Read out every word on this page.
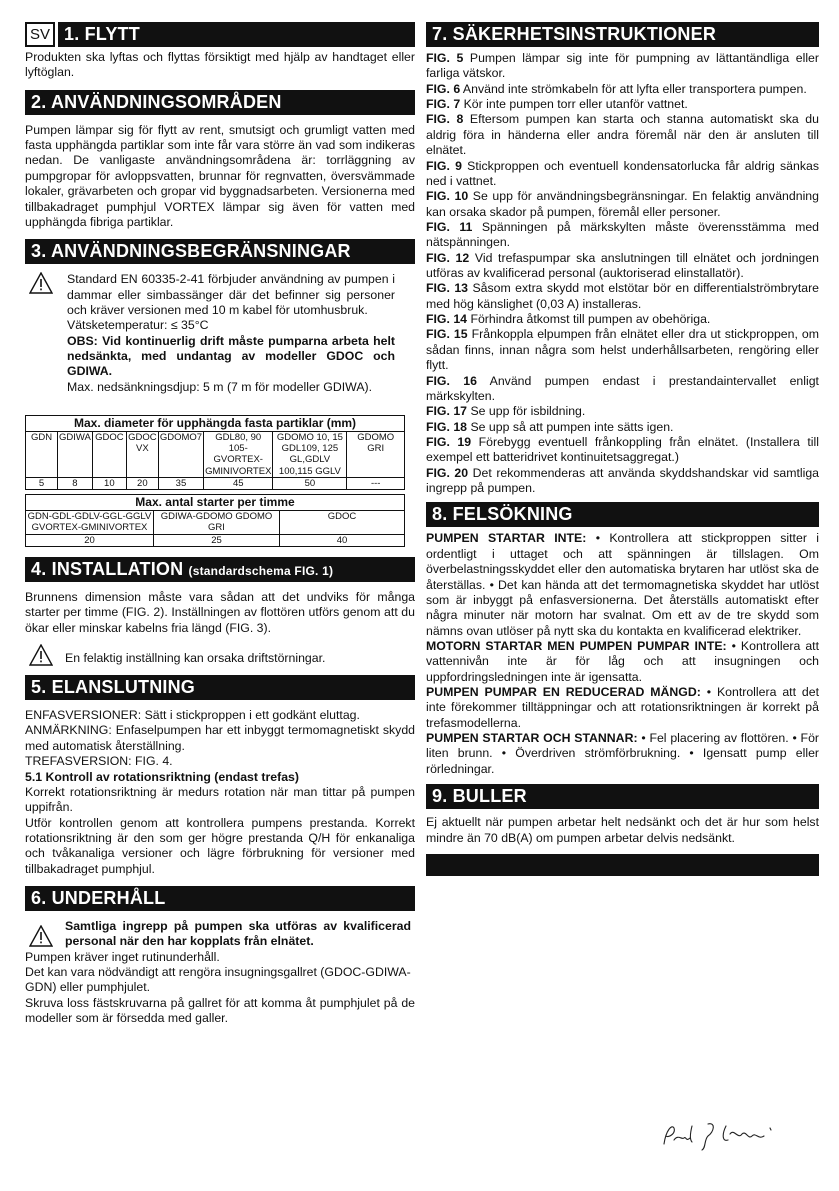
SV 1. FLYTT

Produkten ska lyftas och flyttas försiktigt med hjälp av handtaget eller lyftöglan.

2. ANVÄNDNINGSOMRÅDEN

Pumpen lämpar sig för flytt av rent, smutsigt och grumligt vatten med fasta upphängda partiklar som inte får vara större än vad som indikeras nedan. De vanligaste användningsområdena är: torrläggning av pumpgropar för avloppsvatten, brunnar för regnvatten, översvämmade lokaler, grävarbeten och gropar vid byggnadsarbeten. Versionerna med tillbakadraget pumphjul VORTEX lämpar sig även för vatten med upphängda fibriga partiklar.

3. ANVÄNDNINGSBEGRÄNSNINGAR

Standard EN 60335-2-41 förbjuder användning av pumpen i dammar eller simbassänger där det befinner sig personer och kräver versionen med 10 m kabel för utomhusbruk.

Vätsketemperatur: ≤ 35°C

OBS: Vid kontinuerlig drift måste pumparna arbeta helt nedsänkta, med undantag av modeller GDOC och GDIWA.

Max. nedsänkningsdjup: 5 m (7 m för modeller GDIWA).

Max. diameter för upphängda fasta partiklar (mm)							
GDN	GDIWA	GDOC	GDOC VX	GDOMO7	GDL80, 90 105- GVORTEX- GMINIVORTEX	GDOMO 10, 15 GDL109, 125 GL,GDLV 100,115 GGLV	GDOMO GRI
5	8	10	20	35	45	50	---
Max. antal starter per timme		
GDN-GDL-GDLV-GGL-GGLV GVORTEX-GMINIVORTEX	GDIWA-GDOMO GDOMO GRI	GDOC
20	25	40
4. INSTALLATION (standardschema FIG. 1)

Brunnens dimension måste vara sådan att det undviks för många starter per timme (FIG. 2). Inställningen av flottören utförs genom att du ökar eller minskar kabelns fria längd (FIG. 3).

En felaktig inställning kan orsaka driftstörningar.

5. ELANSLUTNING

ENFASVERSIONER: Sätt i stickproppen i ett godkänt eluttag.

ANMÄRKNING: Enfaselpumpen har ett inbyggt termomagnetiskt skydd med automatisk återställning.

TREFASVERSION: FIG. 4.

5.1 Kontroll av rotationsriktning (endast trefas)

Korrekt rotationsriktning är medurs rotation när man tittar på pumpen uppifrån.

Utför kontrollen genom att kontrollera pumpens prestanda. Korrekt rotationsriktning är den som ger högre prestanda Q/H för enkanaliga och tvåkanaliga versioner och lägre förbrukning för versioner med tillbakadraget pumphjul.

6. UNDERHÅLL

Samtliga ingrepp på pumpen ska utföras av kvalificerad personal när den har kopplats från elnätet.

Pumpen kräver inget rutinunderhåll.

Det kan vara nödvändigt att rengöra insugningsgallret (GDOC-GDIWA-GDN) eller pumphjulet.

Skruva loss fästskruvarna på gallret för att komma åt pumphjulet på de modeller som är försedda med galler.

7. SÄKERHETSINSTRUKTIONER

FIG. 5 Pumpen lämpar sig inte för pumpning av lättantändliga eller farliga vätskor.

FIG. 6 Använd inte strömkabeln för att lyfta eller transportera pumpen.

FIG. 7 Kör inte pumpen torr eller utanför vattnet.

FIG. 8 Eftersom pumpen kan starta och stanna automatiskt ska du aldrig föra in händerna eller andra föremål när den är ansluten till elnätet.

FIG. 9 Stickproppen och eventuell kondensatorlucka får aldrig sänkas ned i vattnet.

FIG. 10 Se upp för användningsbegränsningar. En felaktig användning kan orsaka skador på pumpen, föremål eller personer.

FIG. 11 Spänningen på märkskylten måste överensstämma med nätspänningen.

FIG. 12 Vid trefaspumpar ska anslutningen till elnätet och jordningen utföras av kvalificerad personal (auktoriserad elinstallatör).

FIG. 13 Såsom extra skydd mot elstötar bör en differentialströmbrytare med hög känslighet (0,03 A) installeras.

FIG. 14 Förhindra åtkomst till pumpen av obehöriga.

FIG. 15 Frånkoppla elpumpen från elnätet eller dra ut stickproppen, om sådan finns, innan några som helst underhållsarbeten, rengöring eller flytt.

FIG. 16 Använd pumpen endast i prestandaintervallet enligt märkskylten.

FIG. 17 Se upp för isbildning.

FIG. 18 Se upp så att pumpen inte sätts igen.

FIG. 19 Förebygg eventuell frånkoppling från elnätet. (Installera till exempel ett batteridrivet kontinuitetsaggregat.)

FIG. 20 Det rekommenderas att använda skyddshandskar vid samtliga ingrepp på pumpen.

8. FELSÖKNING

PUMPEN STARTAR INTE: • Kontrollera att stickproppen sitter i ordentligt i uttaget och att spänningen är tillslagen. Om överbelastningsskyddet eller den automatiska brytaren har utlöst ska de återställas. • Det kan hända att det termomagnetiska skyddet har utlöst som är inbyggt på enfasversionerna. Det återställs automatiskt efter några minuter när motorn har svalnat. Om ett av de tre skydd som nämns ovan utlöser på nytt ska du kontakta en kvalificerad elektriker.

MOTORN STARTAR MEN PUMPEN PUMPAR INTE: • Kontrollera att vattennivån inte är för låg och att insugningen och uppfordringsledningen inte är igensatta.

PUMPEN PUMPAR EN REDUCERAD MÄNGD: • Kontrollera att det inte förekommer tilltäppningar och att rotationsriktningen är korrekt på trefasmodellerna.

PUMPEN STARTAR OCH STANNAR: • Fel placering av flottören. • För liten brunn. • Överdriven strömförbrukning. • Igensatt pump eller rörledningar.

9. BULLER

Ej aktuellt när pumpen arbetar helt nedsänkt och det är hur som helst mindre än 70 dB(A) om pumpen arbetar delvis nedsänkt.
